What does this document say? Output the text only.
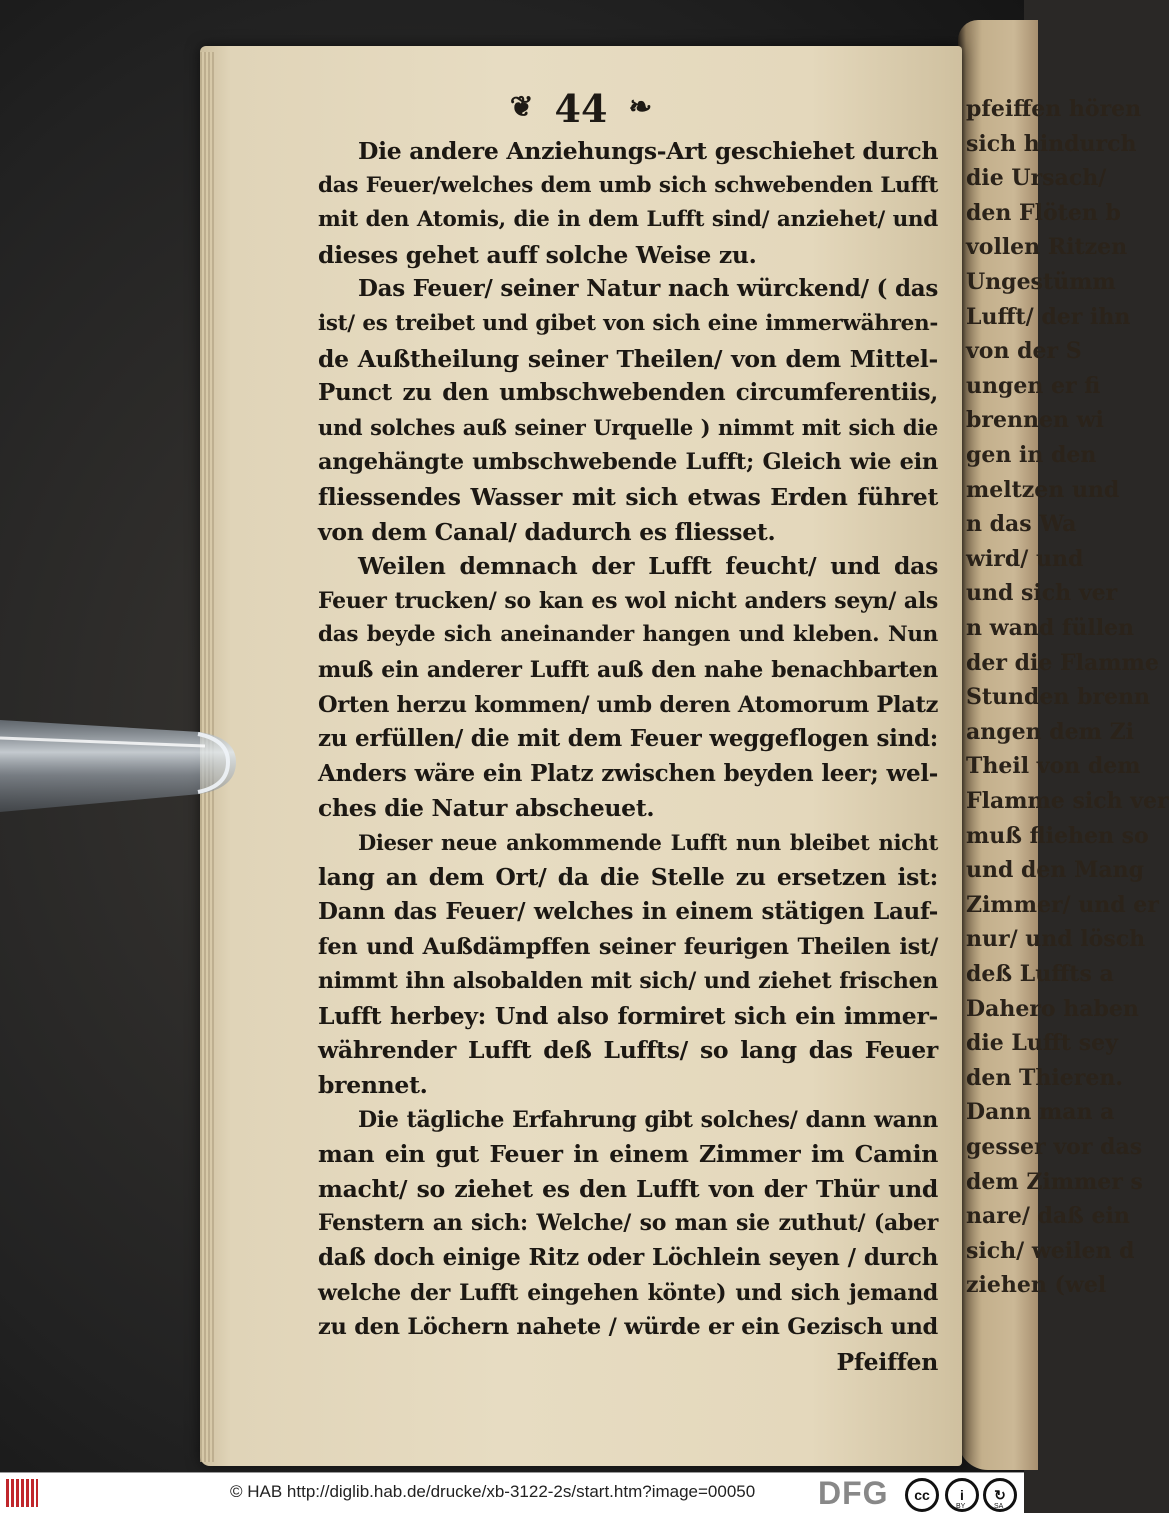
pfeiffen hören
sich hindurch
die Ursach/
den Flöten b
vollen Ritzen
Ungestümm
Lufft/ der ihn
von der S
ungen er fi
brennen wi
gen in den
meltzen und
n das Wa
wird/ und
und sich ver
n wand füllen
der die Flamme
Stunden brenn
angen dem Zi
Theil von dem
Flamme sich ver
muß fliehen so
und den Mang
Zimmer/ und er
nur/ und lösch
deß Luffts a
Dahero haben
die Lufft sey
den Thieren.
Dann man a
gesser vor das
dem Zimmer s
nare/ daß ein
sich/ weilen d
ziehen (wel
❦ 44 ❧
Die andere Anziehungs-Art geschiehet durch
das Feuer/welches dem umb sich schwebenden Lufft
mit den Atomis, die in dem Lufft sind/ anziehet/ und
dieses gehet auff solche Weise zu.
Das Feuer/ seiner Natur nach würckend/ ( das
ist/ es treibet und gibet von sich eine immerwähren-
de Außtheilung seiner Theilen/ von dem Mittel-
Punct zu den umbschwebenden circumferentiis,
und solches auß seiner Urquelle ) nimmt mit sich die
angehängte umbschwebende Lufft; Gleich wie ein
fliessendes Wasser mit sich etwas Erden führet
von dem Canal/ dadurch es fliesset.
Weilen demnach der Lufft feucht/ und das
Feuer trucken/ so kan es wol nicht anders seyn/ als
das beyde sich aneinander hangen und kleben. Nun
muß ein anderer Lufft auß den nahe benachbarten
Orten herzu kommen/ umb deren Atomorum Platz
zu erfüllen/ die mit dem Feuer weggeflogen sind:
Anders wäre ein Platz zwischen beyden leer; wel-
ches die Natur abscheuet.
Dieser neue ankommende Lufft nun bleibet nicht
lang an dem Ort/ da die Stelle zu ersetzen ist:
Dann das Feuer/ welches in einem stätigen Lauf-
fen und Außdämpffen seiner feurigen Theilen ist/
nimmt ihn alsobalden mit sich/ und ziehet frischen
Lufft herbey: Und also formiret sich ein immer-
währender Lufft deß Luffts/ so lang das Feuer
brennet.
Die tägliche Erfahrung gibt solches/ dann wann
man ein gut Feuer in einem Zimmer im Camin
macht/ so ziehet es den Lufft von der Thür und
Fenstern an sich: Welche/ so man sie zuthut/ (aber
daß doch einige Ritz oder Löchlein seyen / durch
welche der Lufft eingehen könte) und sich jemand
zu den Löchern nahete / würde er ein Gezisch und
Pfeiffen
© HAB http://diglib.hab.de/drucke/xb-3122-2s/start.htm?image=00050 DFG	cc	i
BY
↻
SA
